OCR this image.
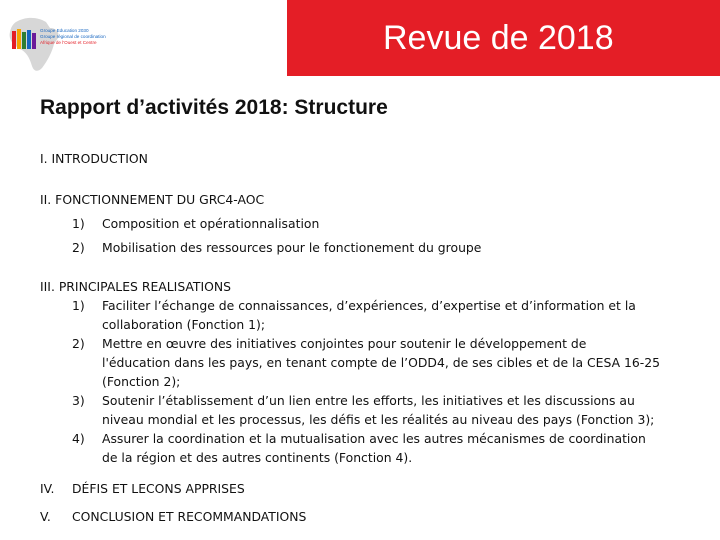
Groupe Education 2030
Groupe régional de coordination
Afrique de l'Ouest et Centre	Revue de 2018
Rapport d’activités 2018: Structure
I. INTRODUCTION
II. FONCTIONNEMENT DU GRC4-AOC
1) Composition et opérationnalisation
2) Mobilisation des ressources pour le fonctionement du groupe
III. PRINCIPALES REALISATIONS
1) Faciliter l’échange de connaissances, d’expériences, d’expertise et d’information et la
collaboration (Fonction 1);
2) Mettre en œuvre des initiatives conjointes pour soutenir le développement de
l'éducation dans les pays, en tenant compte de l’ODD4, de ses cibles et de la CESA 16-25
(Fonction 2);
3) Soutenir l’établissement d’un lien entre les efforts, les initiatives et les discussions au
niveau mondial et les processus, les défis et les réalités au niveau des pays (Fonction 3);
4) Assurer la coordination et la mutualisation avec les autres mécanismes de coordination
de la région et des autres continents (Fonction 4).
IV. DÉFIS ET LECONS APPRISES
V. CONCLUSION ET RECOMMANDATIONS
